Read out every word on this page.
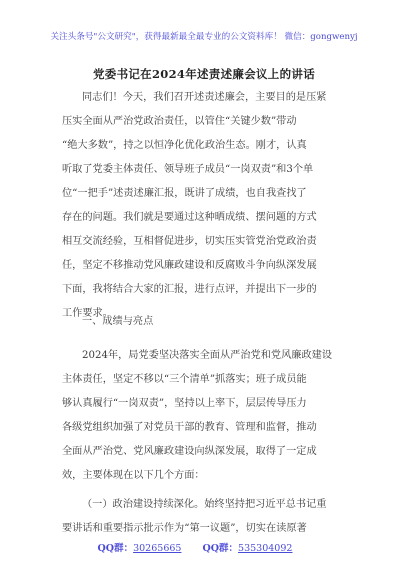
关注头条号"公文研究"，获得最新最全最专业的公文资料库！ 微信：gongwenyj
党委书记在2024年述责述廉会议上的讲话
同志们！今天，我们召开述责述廉会，主要目的是压紧
压实全面从严治党政治责任，以管住“关键少数”带动
“绝大多数”，持之以恒净化优化政治生态。刚才，认真
听取了党委主体责任、领导班子成员“一岗双责”和3个单
位“一把手”述责述廉汇报，既讲了成绩，也自我查找了
存在的问题。我们就是要通过这种晒成绩、摆问题的方式
相互交流经验，互相督促进步，切实压实管党治党政治责
任，坚定不移推动党风廉政建设和反腐败斗争向纵深发展
下面，我将结合大家的汇报，进行点评，并提出下一步的
工作要求。
一、成绩与亮点
2024年，局党委坚决落实全面从严治党和党风廉政建设
主体责任，坚定不移以“三个清单”抓落实；班子成员能
够认真履行“一岗双责”，坚持以上率下，层层传导压力
各级党组织加强了对党员干部的教育、管理和监督，推动
全面从严治党、党风廉政建设向纵深发展，取得了一定成
效，主要体现在以下几个方面：
（一）政治建设持续深化。始终坚持把习近平总书记重
要讲话和重要指示批示作为“第一议题”，切实在读原著
QQ群：30265665 QQ群：535304092
